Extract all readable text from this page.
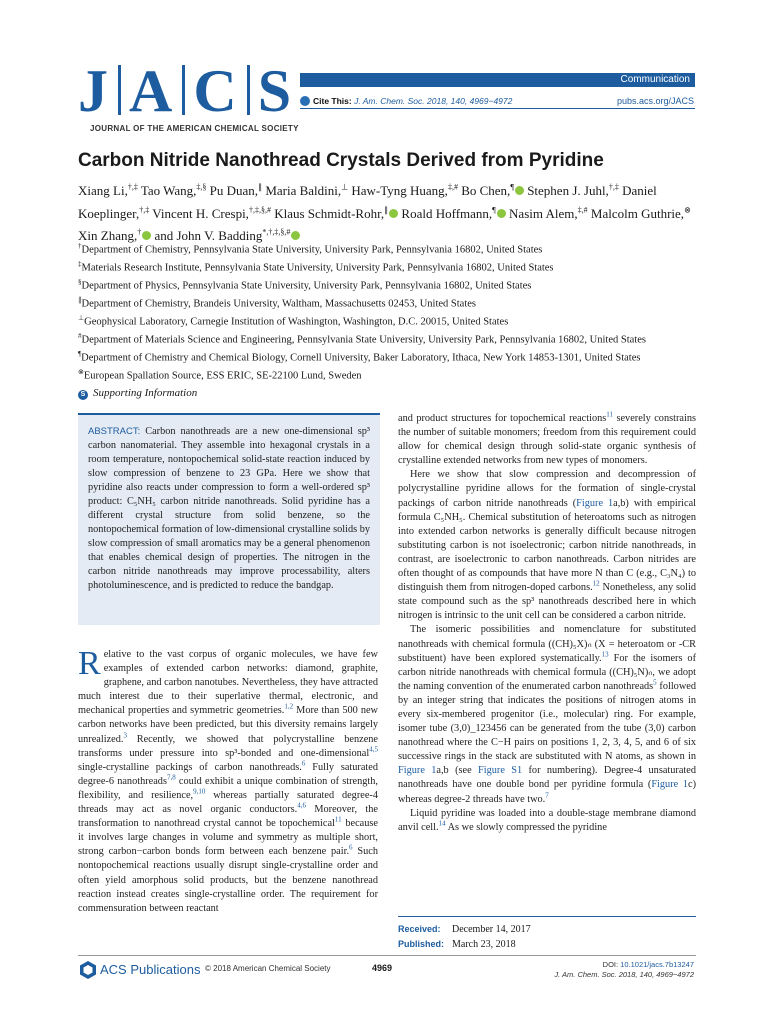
J A C S
JOURNAL OF THE AMERICAN CHEMICAL SOCIETY
Communication
Cite This: J. Am. Chem. Soc. 2018, 140, 4969−4972	pubs.acs.org/JACS
Carbon Nitride Nanothread Crystals Derived from Pyridine
Xiang Li,†,‡ Tao Wang,‡,§ Pu Duan,∥ Maria Baldini,⊥ Haw-Tyng Huang,‡,# Bo Chen,¶ Stephen J. Juhl,†,‡ Daniel Koeplinger,†,‡ Vincent H. Crespi,†,‡,§,# Klaus Schmidt-Rohr,∥ Roald Hoffmann,¶ Nasim Alem,‡,# Malcolm Guthrie,⊗ Xin Zhang,† and John V. Badding*,†,‡,§,#
†Department of Chemistry, Pennsylvania State University, University Park, Pennsylvania 16802, United States
‡Materials Research Institute, Pennsylvania State University, University Park, Pennsylvania 16802, United States
§Department of Physics, Pennsylvania State University, University Park, Pennsylvania 16802, United States
∥Department of Chemistry, Brandeis University, Waltham, Massachusetts 02453, United States
⊥Geophysical Laboratory, Carnegie Institution of Washington, Washington, D.C. 20015, United States
#Department of Materials Science and Engineering, Pennsylvania State University, University Park, Pennsylvania 16802, United States
¶Department of Chemistry and Chemical Biology, Cornell University, Baker Laboratory, Ithaca, New York 14853-1301, United States
⊗European Spallation Source, ESS ERIC, SE-22100 Lund, Sweden
S Supporting Information
ABSTRACT: Carbon nanothreads are a new one-dimensional sp³ carbon nanomaterial. They assemble into hexagonal crystals in a room temperature, nontopochemical solid-state reaction induced by slow compression of benzene to 23 GPa. Here we show that pyridine also reacts under compression to form a well-ordered sp³ product: C₅NH₅ carbon nitride nanothreads. Solid pyridine has a different crystal structure from solid benzene, so the nontopochemical formation of low-dimensional crystalline solids by slow compression of small aromatics may be a general phenomenon that enables chemical design of properties. The nitrogen in the carbon nitride nanothreads may improve processability, alters photoluminescence, and is predicted to reduce the bandgap.

Relative to the vast corpus of organic molecules, we have few examples of extended carbon networks: diamond, graphite, graphene, and carbon nanotubes. Nevertheless, they have attracted much interest due to their superlative thermal, electronic, and mechanical properties and symmetric geometries.$^{1,2}$ More than 500 new carbon networks have been predicted, but this diversity remains largely unrealized.$^3$ Recently, we showed that polycrystalline benzene transforms under pressure into sp³-bonded and one-dimensional$^{4,5}$ single-crystalline packings of carbon nanothreads.$^6$ Fully saturated degree-6 nanothreads$^{7,8}$ could exhibit a unique combination of strength, flexibility, and resilience,$^{9,10}$ whereas partially saturated degree-4 threads may act as novel organic conductors.$^{4,6}$ Moreover, the transformation to nanothread crystal cannot be topochemical$^{11}$ because it involves large changes in volume and symmetry as multiple short, strong carbon−carbon bonds form between each benzene pair.$^6$ Such nontopochemical reactions usually disrupt single-crystalline order and often yield amorphous solid products, but the benzene nanothread reaction instead creates single-crystalline order. The requirement for commensuration between reactant

and product structures for topochemical reactions$^{11}$ severely constrains the number of suitable monomers; freedom from this requirement could allow for chemical design through solid-state organic synthesis of crystalline extended networks from new types of monomers.

Here we show that slow compression and decompression of polycrystalline pyridine allows for the formation of single-crystal packings of carbon nitride nanothreads (Figure 1a,b) with empirical formula C₅NH₅. Chemical substitution of heteroatoms such as nitrogen into extended carbon networks is generally difficult because nitrogen substituting carbon is not isoelectronic; carbon nitride nanothreads, in contrast, are isoelectronic to carbon nanothreads. Carbon nitrides are often thought of as compounds that have more N than C (e.g., C₃N₄) to distinguish them from nitrogen-doped carbons.$^{12}$ Nonetheless, any solid state compound such as the sp³ nanothreads described here in which nitrogen is intrinsic to the unit cell can be considered a carbon nitride.

The isomeric possibilities and nomenclature for substituted nanothreads with chemical formula ((CH)₅X)ₙ (X = heteroatom or -CR substituent) have been explored systematically.$^{13}$ For the isomers of carbon nitride nanothreads with chemical formula ((CH)₅N)ₙ, we adopt the naming convention of the enumerated carbon nanothreads$^5$ followed by an integer string that indicates the positions of nitrogen atoms in every six-membered progenitor (i.e., molecular) ring. For example, isomer tube (3,0)_123456 can be generated from the tube (3,0) carbon nanothread where the C−H pairs on positions 1, 2, 3, 4, 5, and 6 of six successive rings in the stack are substituted with N atoms, as shown in Figure 1a,b (see Figure S1 for numbering). Degree-4 unsaturated nanothreads have one double bond per pyridine formula (Figure 1c) whereas degree-2 threads have two.$^7$

Liquid pyridine was loaded into a double-stage membrane diamond anvil cell.$^{14}$ As we slowly compressed the pyridine

Received: December 14, 2017
Published: March 23, 2018
ACS Publications © 2018 American Chemical Society	4969	DOI: 10.1021/jacs.7b13247
J. Am. Chem. Soc. 2018, 140, 4969−4972
